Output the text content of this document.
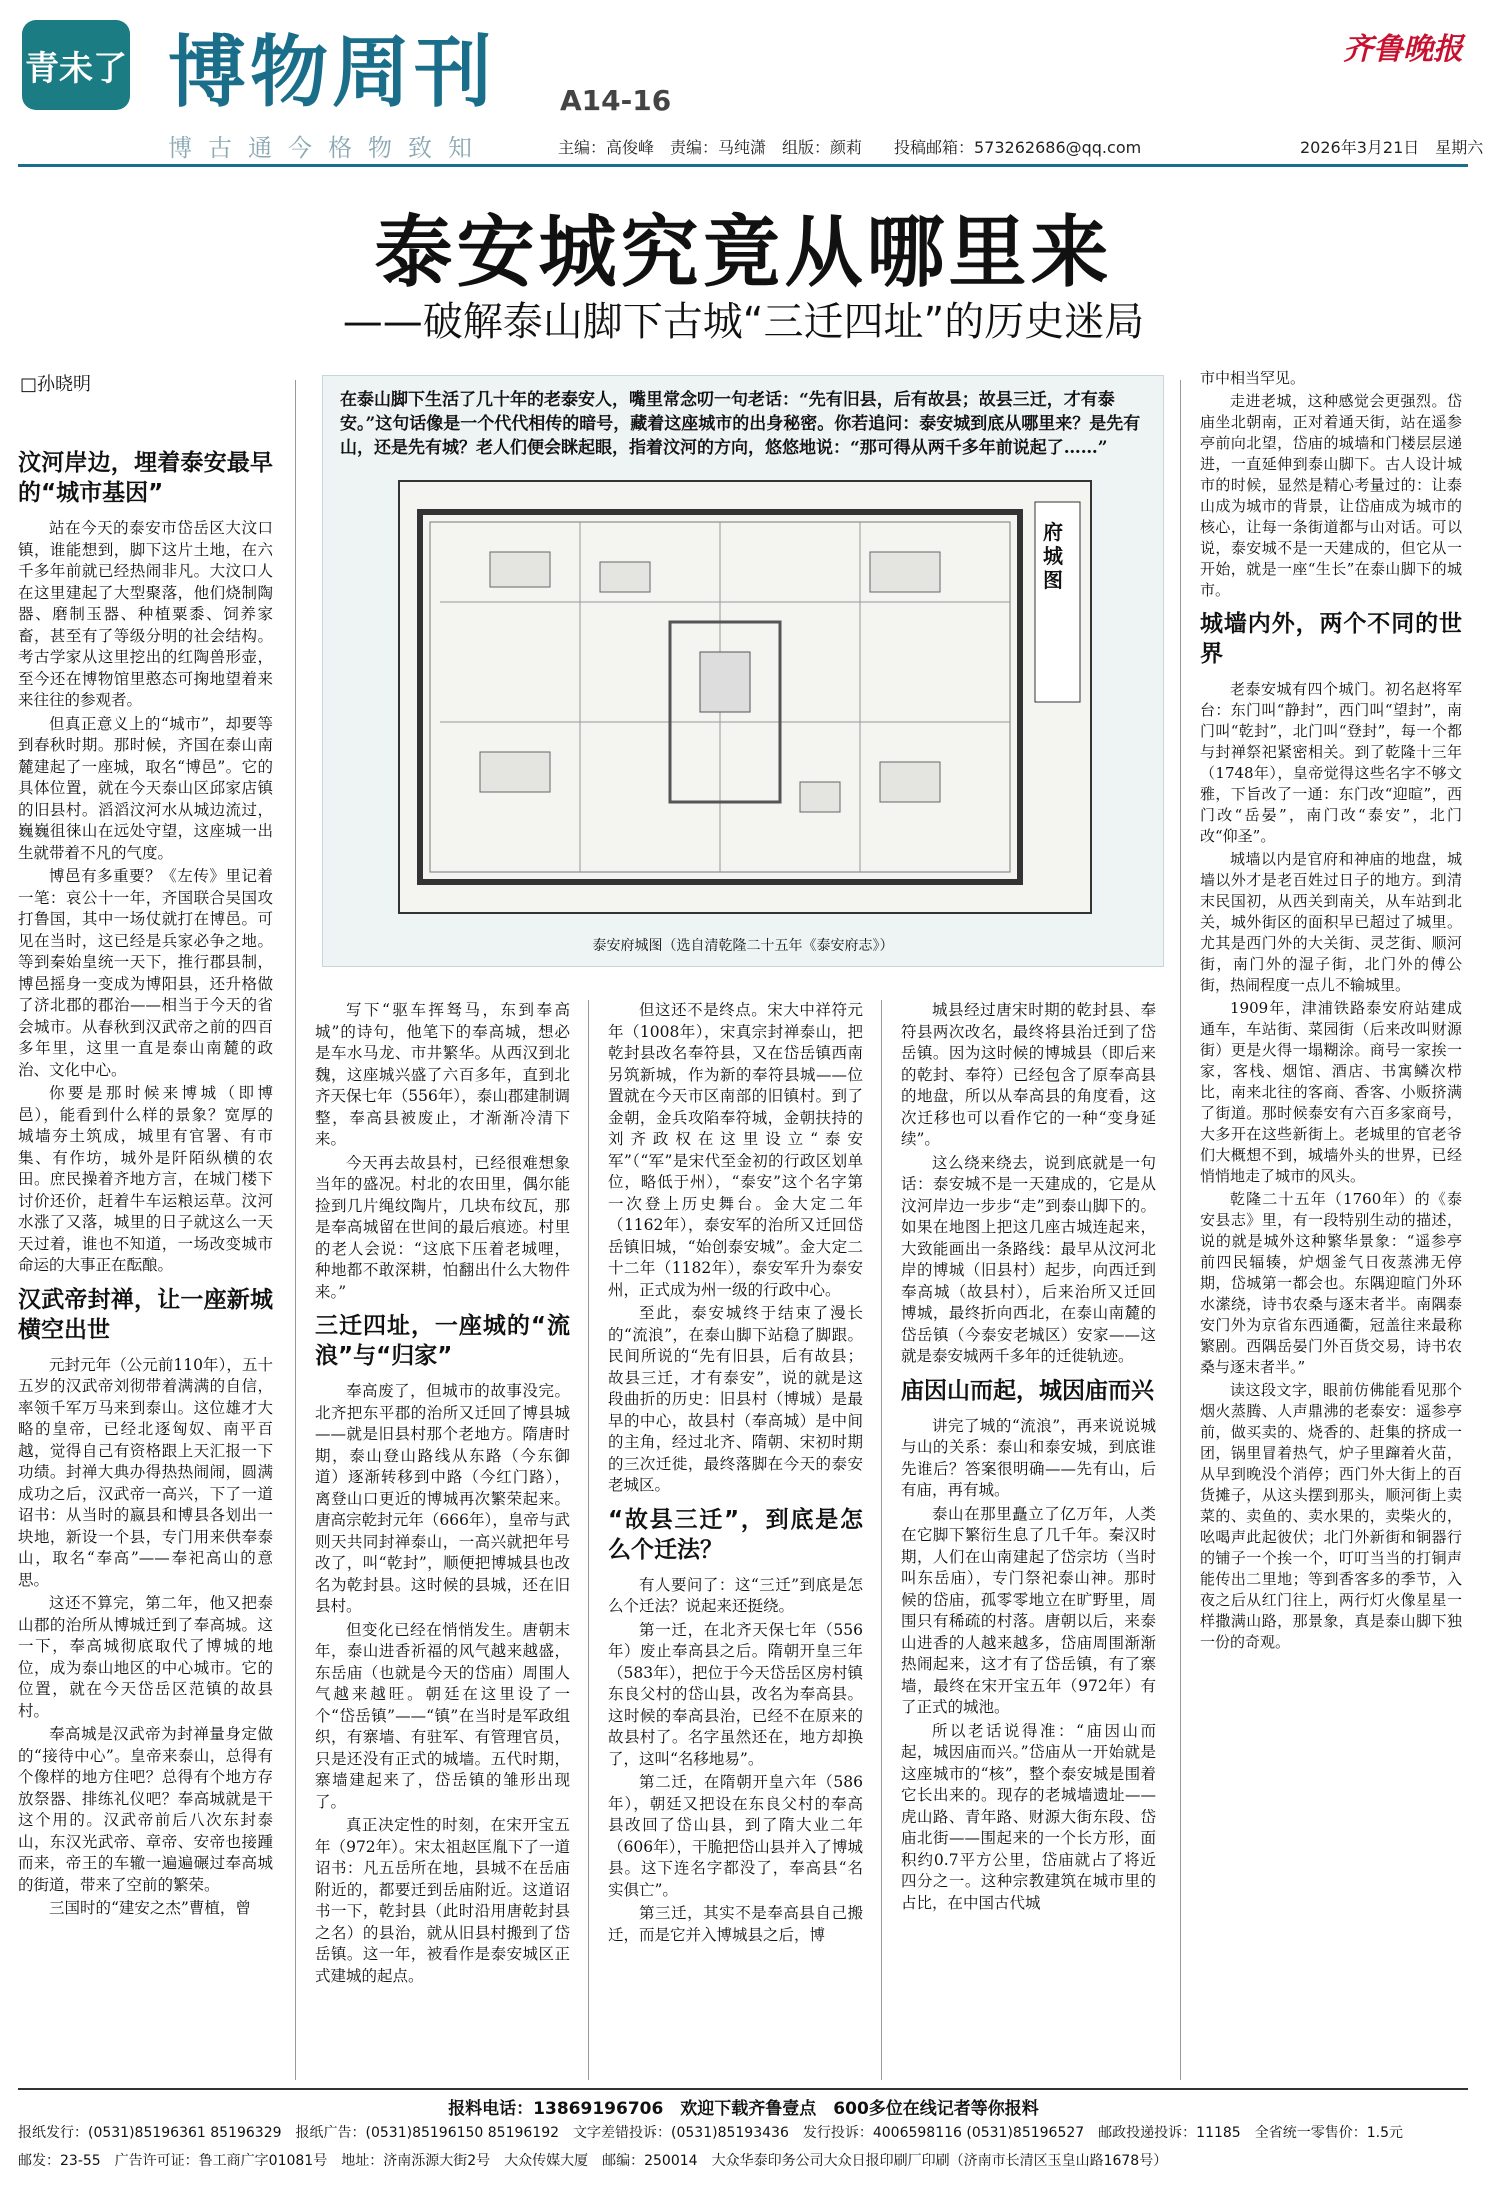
青未了 博物周刊 A14-16
博古通今格物致知	主编：高俊峰　责编：马纯潇　组版：颜莉　　投稿邮箱：573262686@qq.com
齐鲁晚报
2026年3月21日　星期六
泰安城究竟从哪里来
——破解泰山脚下古城“三迁四址”的历史迷局
□孙晓明
在泰山脚下生活了几十年的老泰安人，嘴里常念叨一句老话：“先有旧县，后有故县；故县三迁，才有泰安。”这句话像是一个代代相传的暗号，藏着这座城市的出身秘密。你若追问：泰安城到底从哪里来？是先有山，还是先有城？老人们便会眯起眼，指着汶河的方向，悠悠地说：“那可得从两千多年前说起了……”
府城图
泰安府城图（选自清乾隆二十五年《泰安府志》）
汶河岸边，埋着泰安最早的“城市基因”

站在今天的泰安市岱岳区大汶口镇，谁能想到，脚下这片土地，在六千多年前就已经热闹非凡。大汶口人在这里建起了大型聚落，他们烧制陶器、磨制玉器、种植粟黍、饲养家畜，甚至有了等级分明的社会结构。考古学家从这里挖出的红陶兽形壶，至今还在博物馆里憨态可掬地望着来来往往的参观者。

但真正意义上的“城市”，却要等到春秋时期。那时候，齐国在泰山南麓建起了一座城，取名“博邑”。它的具体位置，就在今天泰山区邱家店镇的旧县村。滔滔汶河水从城边流过，巍巍徂徕山在远处守望，这座城一出生就带着不凡的气度。

博邑有多重要？《左传》里记着一笔：哀公十一年，齐国联合吴国攻打鲁国，其中一场仗就打在博邑。可见在当时，这已经是兵家必争之地。等到秦始皇统一天下，推行郡县制，博邑摇身一变成为博阳县，还升格做了济北郡的郡治——相当于今天的省会城市。从春秋到汉武帝之前的四百多年里，这里一直是泰山南麓的政治、文化中心。

你要是那时候来博城（即博邑），能看到什么样的景象？宽厚的城墙夯土筑成，城里有官署、有市集、有作坊，城外是阡陌纵横的农田。庶民操着齐地方言，在城门楼下讨价还价，赶着牛车运粮运草。汶河水涨了又落，城里的日子就这么一天天过着，谁也不知道，一场改变城市命运的大事正在酝酿。

汉武帝封禅，让一座新城横空出世

元封元年（公元前110年），五十五岁的汉武帝刘彻带着满满的自信，率领千军万马来到泰山。这位雄才大略的皇帝，已经北逐匈奴、南平百越，觉得自己有资格跟上天汇报一下功绩。封禅大典办得热热闹闹，圆满成功之后，汉武帝一高兴，下了一道诏书：从当时的嬴县和博县各划出一块地，新设一个县，专门用来供奉泰山，取名“奉高”——奉祀高山的意思。

这还不算完，第二年，他又把泰山郡的治所从博城迁到了奉高城。这一下，奉高城彻底取代了博城的地位，成为泰山地区的中心城市。它的位置，就在今天岱岳区范镇的故县村。

奉高城是汉武帝为封禅量身定做的“接待中心”。皇帝来泰山，总得有个像样的地方住吧？总得有个地方存放祭器、排练礼仪吧？奉高城就是干这个用的。汉武帝前后八次东封泰山，东汉光武帝、章帝、安帝也接踵而来，帝王的车辙一遍遍碾过奉高城的街道，带来了空前的繁荣。

三国时的“建安之杰”曹植，曾

写下“驱车挥驽马，东到奉高城”的诗句，他笔下的奉高城，想必是车水马龙、市井繁华。从西汉到北魏，这座城兴盛了六百多年，直到北齐天保七年（556年），泰山郡建制调整，奉高县被废止，才渐渐冷清下来。

今天再去故县村，已经很难想象当年的盛况。村北的农田里，偶尔能捡到几片绳纹陶片，几块布纹瓦，那是奉高城留在世间的最后痕迹。村里的老人会说：“这底下压着老城哩，种地都不敢深耕，怕翻出什么大物件来。”

三迁四址，一座城的“流浪”与“归家”

奉高废了，但城市的故事没完。北齐把东平郡的治所又迁回了博县城——就是旧县村那个老地方。隋唐时期，泰山登山路线从东路（今东御道）逐渐转移到中路（今红门路），离登山口更近的博城再次繁荣起来。唐高宗乾封元年（666年），皇帝与武则天共同封禅泰山，一高兴就把年号改了，叫“乾封”，顺便把博城县也改名为乾封县。这时候的县城，还在旧县村。

但变化已经在悄悄发生。唐朝末年，泰山进香祈福的风气越来越盛，东岳庙（也就是今天的岱庙）周围人气越来越旺。朝廷在这里设了一个“岱岳镇”——“镇”在当时是军政组织，有寨墙、有驻军、有管理官员，只是还没有正式的城墙。五代时期，寨墙建起来了，岱岳镇的雏形出现了。

真正决定性的时刻，在宋开宝五年（972年）。宋太祖赵匡胤下了一道诏书：凡五岳所在地，县城不在岳庙附近的，都要迁到岳庙附近。这道诏书一下，乾封县（此时沿用唐乾封县之名）的县治，就从旧县村搬到了岱岳镇。这一年，被看作是泰安城区正式建城的起点。

但这还不是终点。宋大中祥符元年（1008年），宋真宗封禅泰山，把乾封县改名奉符县，又在岱岳镇西南另筑新城，作为新的奉符县城——位置就在今天市区南部的旧镇村。到了金朝，金兵攻陷奉符城，金朝扶持的刘齐政权在这里设立“泰安军”（“军”是宋代至金初的行政区划单位，略低于州），“泰安”这个名字第一次登上历史舞台。金大定二年（1162年），泰安军的治所又迁回岱岳镇旧城，“始创泰安城”。金大定二十二年（1182年），泰安军升为泰安州，正式成为州一级的行政中心。

至此，泰安城终于结束了漫长的“流浪”，在泰山脚下站稳了脚跟。民间所说的“先有旧县，后有故县；故县三迁，才有泰安”，说的就是这段曲折的历史：旧县村（博城）是最早的中心，故县村（奉高城）是中间的主角，经过北齐、隋朝、宋初时期的三次迁徙，最终落脚在今天的泰安老城区。

“故县三迁”，到底是怎么个迁法？

有人要问了：这“三迁”到底是怎么个迁法？说起来还挺绕。

第一迁，在北齐天保七年（556年）废止奉高县之后。隋朝开皇三年（583年），把位于今天岱岳区房村镇东良父村的岱山县，改名为奉高县。这时候的奉高县治，已经不在原来的故县村了。名字虽然还在，地方却换了，这叫“名移地易”。

第二迁，在隋朝开皇六年（586年），朝廷又把设在东良父村的奉高县改回了岱山县，到了隋大业二年（606年），干脆把岱山县并入了博城县。这下连名字都没了，奉高县“名实俱亡”。

第三迁，其实不是奉高县自己搬迁，而是它并入博城县之后，博

城县经过唐宋时期的乾封县、奉符县两次改名，最终将县治迁到了岱岳镇。因为这时候的博城县（即后来的乾封、奉符）已经包含了原奉高县的地盘，所以从奉高县的角度看，这次迁移也可以看作它的一种“变身延续”。

这么绕来绕去，说到底就是一句话：泰安城不是一天建成的，它是从汶河岸边一步步“走”到泰山脚下的。如果在地图上把这几座古城连起来，大致能画出一条路线：最早从汶河北岸的博城（旧县村）起步，向西迁到奉高城（故县村），后来治所又迁回博城，最终折向西北，在泰山南麓的岱岳镇（今泰安老城区）安家——这就是泰安城两千多年的迁徙轨迹。

庙因山而起，城因庙而兴

讲完了城的“流浪”，再来说说城与山的关系：泰山和泰安城，到底谁先谁后？答案很明确——先有山，后有庙，再有城。

泰山在那里矗立了亿万年，人类在它脚下繁衍生息了几千年。秦汉时期，人们在山南建起了岱宗坊（当时叫东岳庙），专门祭祀泰山神。那时候的岱庙，孤零零地立在旷野里，周围只有稀疏的村落。唐朝以后，来泰山进香的人越来越多，岱庙周围渐渐热闹起来，这才有了岱岳镇，有了寨墙，最终在宋开宝五年（972年）有了正式的城池。

所以老话说得准：“庙因山而起，城因庙而兴。”岱庙从一开始就是这座城市的“核”，整个泰安城是围着它长出来的。现存的老城墙遗址——虎山路、青年路、财源大街东段、岱庙北街——围起来的一个长方形，面积约0.7平方公里，岱庙就占了将近四分之一。这种宗教建筑在城市里的占比，在中国古代城

市中相当罕见。

走进老城，这种感觉会更强烈。岱庙坐北朝南，正对着通天街，站在遥参亭前向北望，岱庙的城墙和门楼层层递进，一直延伸到泰山脚下。古人设计城市的时候，显然是精心考量过的：让泰山成为城市的背景，让岱庙成为城市的核心，让每一条街道都与山对话。可以说，泰安城不是一天建成的，但它从一开始，就是一座“生长”在泰山脚下的城市。

城墙内外，两个不同的世界

老泰安城有四个城门。初名赵将军台：东门叫“静封”，西门叫“望封”，南门叫“乾封”，北门叫“登封”，每一个都与封禅祭祀紧密相关。到了乾隆十三年（1748年），皇帝觉得这些名字不够文雅，下旨改了一通：东门改“迎暄”，西门改“岳晏”，南门改“泰安”，北门改“仰圣”。

城墙以内是官府和神庙的地盘，城墙以外才是老百姓过日子的地方。到清末民国初，从西关到南关，从车站到北关，城外街区的面积早已超过了城里。尤其是西门外的大关街、灵芝街、顺河街，南门外的湿子街，北门外的傅公街，热闹程度一点儿不输城里。

1909年，津浦铁路泰安府站建成通车，车站街、菜园街（后来改叫财源街）更是火得一塌糊涂。商号一家挨一家，客栈、烟馆、酒店、书寓鳞次栉比，南来北往的客商、香客、小贩挤满了街道。那时候泰安有六百多家商号，大多开在这些新街上。老城里的官老爷们大概想不到，城墙外头的世界，已经悄悄地走了城市的风头。

乾隆二十五年（1760年）的《泰安县志》里，有一段特别生动的描述，说的就是城外这种繁华景象：“遥参亭前四民辐辏，炉烟釜气日夜蒸沸无停期，岱城第一都会也。东隅迎暄门外环水潆绕，诗书农桑与逐末者半。南隅泰安门外为京省东西通衢，冠盖往来最称繁剧。西隅岳晏门外百货交易，诗书农桑与逐末者半。”

读这段文字，眼前仿佛能看见那个烟火蒸腾、人声鼎沸的老泰安：遥参亭前，做买卖的、烧香的、赶集的挤成一团，锅里冒着热气，炉子里蹿着火苗，从早到晚没个消停；西门外大街上的百货摊子，从这头摆到那头，顺河街上卖菜的、卖鱼的、卖水果的，卖柴火的，吆喝声此起彼伏；北门外新街和铜器行的铺子一个挨一个，叮叮当当的打铜声能传出二里地；等到香客多的季节，入夜之后从红门往上，两行灯火像星星一样撒满山路，那景象，真是泰山脚下独一份的奇观。

报料电话：13869196706　欢迎下载齐鲁壹点　600多位在线记者等你报料
报纸发行：(0531)85196361 85196329　报纸广告：(0531)85196150 85196192　文字差错投诉：(0531)85193436　发行投诉：4006598116 (0531)85196527　邮政投递投诉：11185　全省统一零售价：1.5元
邮发：23-55　广告许可证：鲁工商广字01081号　地址：济南泺源大街2号　大众传媒大厦　邮编：250014　大众华泰印务公司大众日报印刷厂印刷（济南市长清区玉皇山路1678号）
